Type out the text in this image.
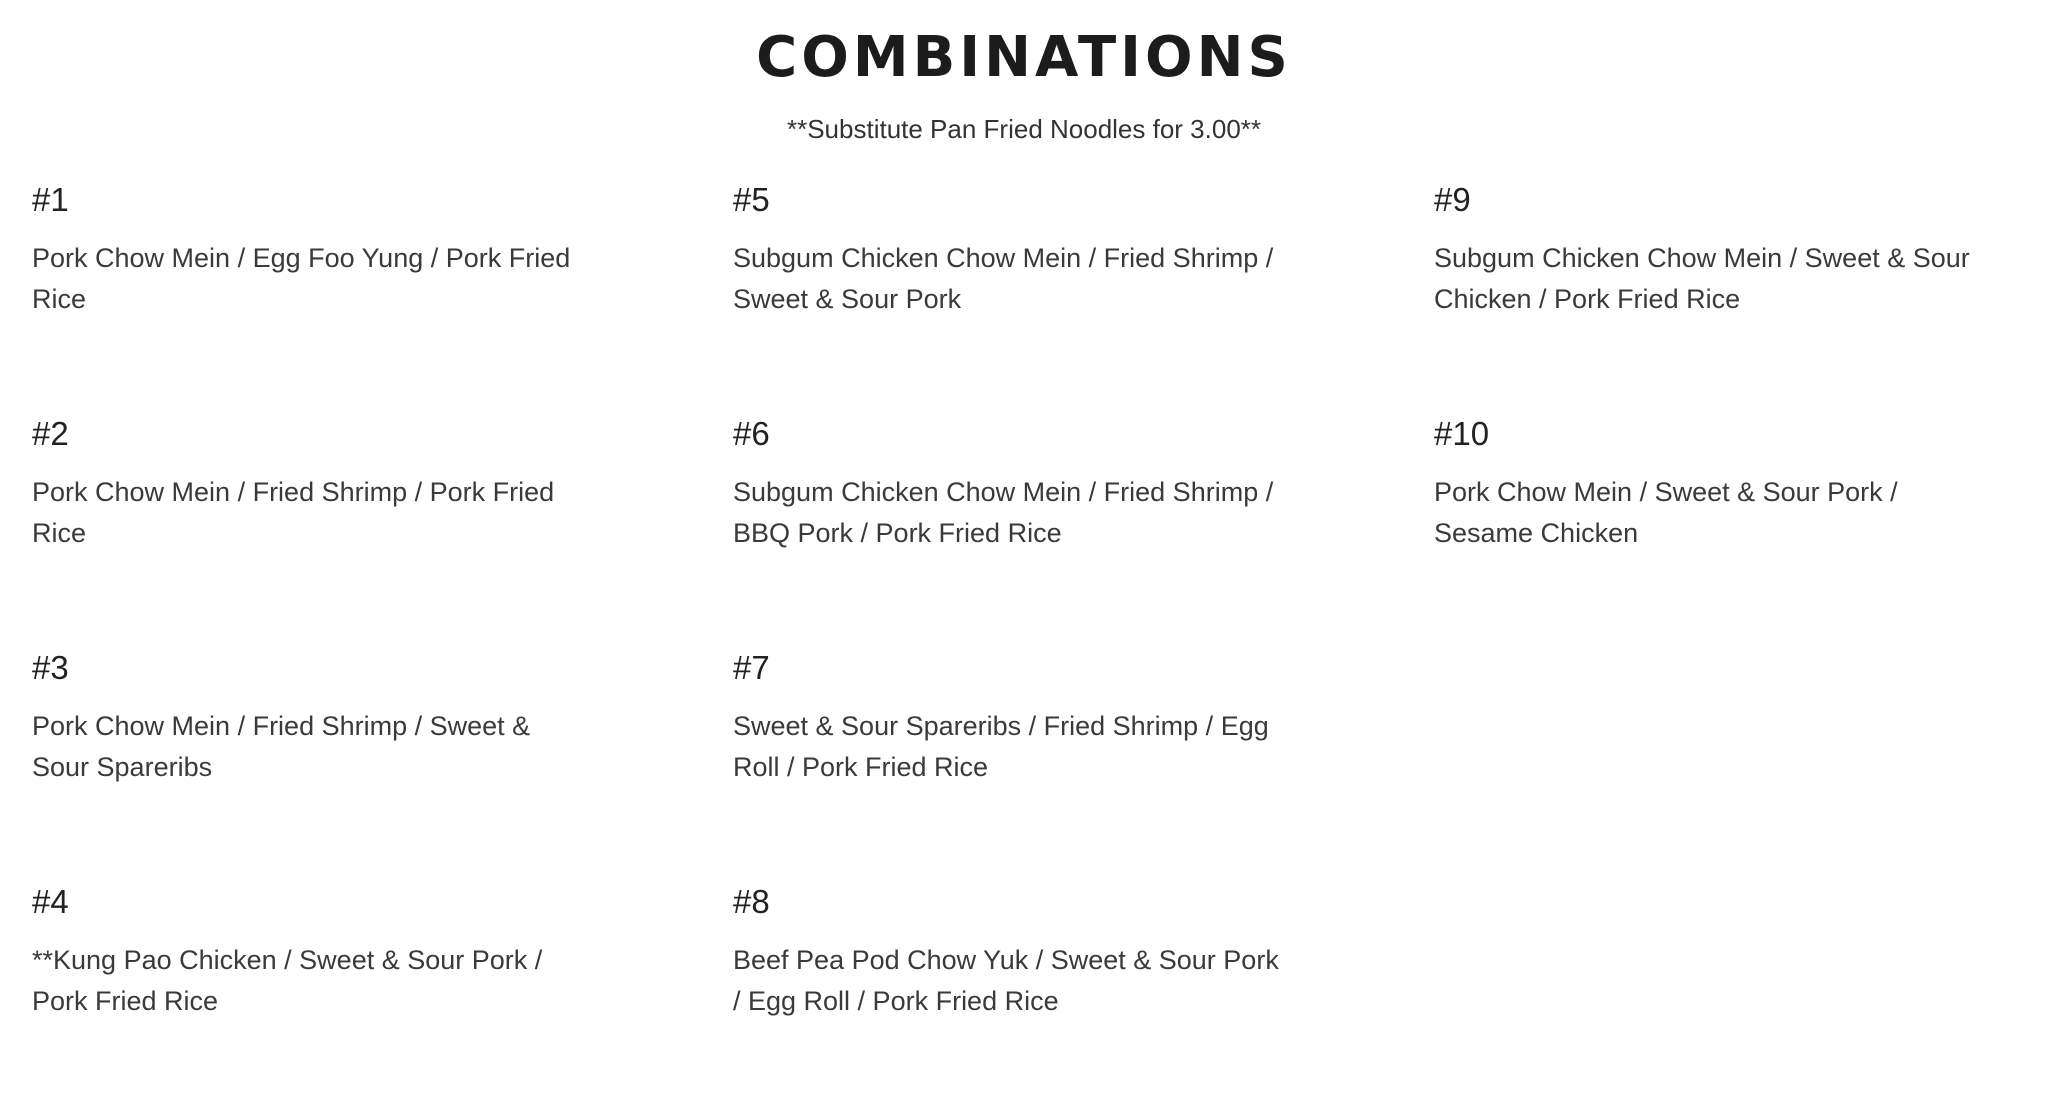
COMBINATIONS
**Substitute Pan Fried Noodles for 3.00**
#1
Pork Chow Mein / Egg Foo Yung / Pork Fried Rice
#2
Pork Chow Mein / Fried Shrimp / Pork Fried Rice
#3
Pork Chow Mein / Fried Shrimp / Sweet & Sour Spareribs
#4
**Kung Pao Chicken / Sweet & Sour Pork / Pork Fried Rice
#5
Subgum Chicken Chow Mein / Fried Shrimp / Sweet & Sour Pork
#6
Subgum Chicken Chow Mein / Fried Shrimp / BBQ Pork / Pork Fried Rice
#7
Sweet & Sour Spareribs / Fried Shrimp / Egg Roll / Pork Fried Rice
#8
Beef Pea Pod Chow Yuk / Sweet & Sour Pork / Egg Roll / Pork Fried Rice
#9
Subgum Chicken Chow Mein / Sweet & Sour Chicken / Pork Fried Rice
#10
Pork Chow Mein / Sweet & Sour Pork / Sesame Chicken
